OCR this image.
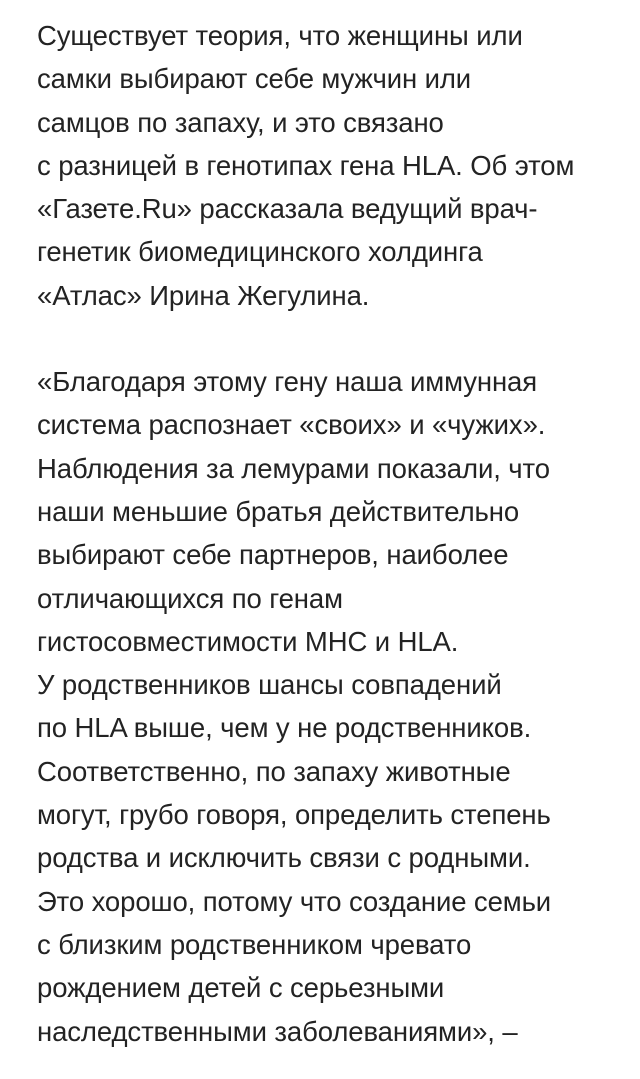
Существует теория, что женщины или
самки выбирают себе мужчин или
самцов по запаху, и это связано
с разницей в генотипах гена HLA. Об этом
«Газете.Ru» рассказала ведущий врач-
генетик биомедицинского холдинга
«Атлас» Ирина Жегулина.

«Благодаря этому гену наша иммунная
система распознает «своих» и «чужих».
Наблюдения за лемурами показали, что
наши меньшие братья действительно
выбирают себе партнеров, наиболее
отличающихся по генам
гистосовместимости МНС и HLA.
У родственников шансы совпадений
по HLA выше, чем у не родственников.
Соответственно, по запаху животные
могут, грубо говоря, определить степень
родства и исключить связи с родными.
Это хорошо, потому что создание семьи
с близким родственником чревато
рождением детей с серьезными
наследственными заболеваниями», –
